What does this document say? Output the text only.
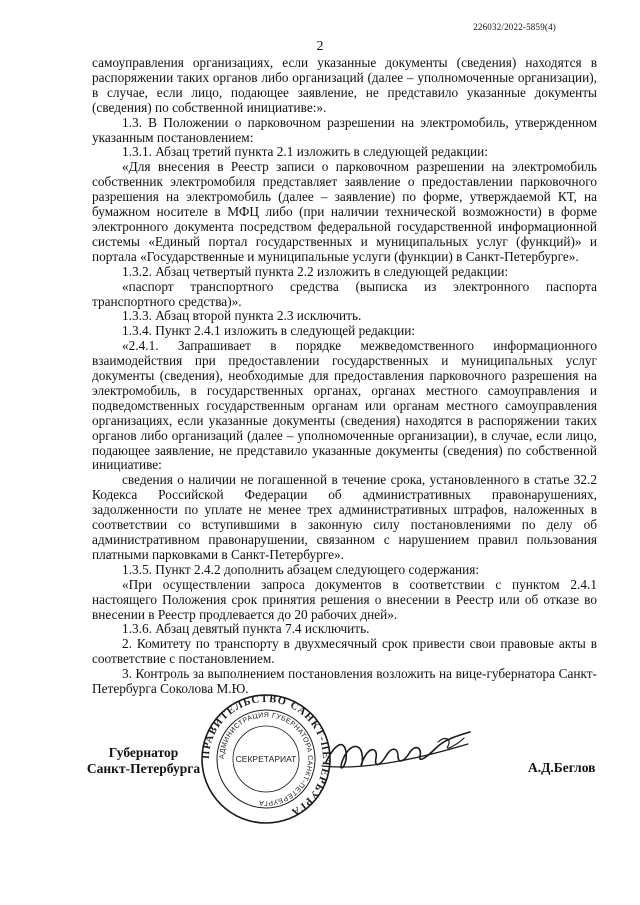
226032/2022-5859(4)
2

самоуправления организациях, если указанные документы (сведения) находятся в распоряжении таких органов либо организаций (далее – уполномоченные организации), в случае, если лицо, подающее заявление, не представило указанные документы (сведения) по собственной инициативе:».

1.3. В Положении о парковочном разрешении на электромобиль, утвержденном указанным постановлением:

1.3.1. Абзац третий пункта 2.1 изложить в следующей редакции:

«Для внесения в Реестр записи о парковочном разрешении на электромобиль собственник электромобиля представляет заявление о предоставлении парковочного разрешения на электромобиль (далее – заявление) по форме, утверждаемой КТ, на бумажном носителе в МФЦ либо (при наличии технической возможности) в форме электронного документа посредством федеральной государственной информационной системы «Единый портал государственных и муниципальных услуг (функций)» и портала «Государственные и муниципальные услуги (функции) в Санкт-Петербурге».

1.3.2. Абзац четвертый пункта 2.2 изложить в следующей редакции:

«паспорт транспортного средства (выписка из электронного паспорта транспортного средства)».

1.3.3. Абзац второй пункта 2.3 исключить.

1.3.4. Пункт 2.4.1 изложить в следующей редакции:

«2.4.1. Запрашивает в порядке межведомственного информационного взаимодействия при предоставлении государственных и муниципальных услуг документы (сведения), необходимые для предоставления парковочного разрешения на электромобиль, в государственных органах, органах местного самоуправления и подведомственных государственным органам или органам местного самоуправления организациях, если указанные документы (сведения) находятся в распоряжении таких органов либо организаций (далее – уполномоченные организации), в случае, если лицо, подающее заявление, не представило указанные документы (сведения) по собственной инициативе:

сведения о наличии не погашенной в течение срока, установленного в статье 32.2 Кодекса Российской Федерации об административных правонарушениях, задолженности по уплате не менее трех административных штрафов, наложенных в соответствии со вступившими в законную силу постановлениями по делу об административном правонарушении, связанном с нарушением правил пользования платными парковками в Санкт-Петербурге».

1.3.5. Пункт 2.4.2 дополнить абзацем следующего содержания:

«При осуществлении запроса документов в соответствии с пунктом 2.4.1 настоящего Положения срок принятия решения о внесении в Реестр или об отказе во внесении в Реестр продлевается до 20 рабочих дней».

1.3.6. Абзац девятый пункта 7.4 исключить.

2. Комитету по транспорту в двухмесячный срок привести свои правовые акты в соответствие с постановлением.

3. Контроль за выполнением постановления возложить на вице-губернатора Санкт-Петербурга Соколова М.Ю.

Губернатор
Санкт-Петербурга
ПРАВИТЕЛЬСТВО САНКТ-ПЕТЕРБУРГА
АДМИНИСТРАЦИЯ ГУБЕРНАТОРА САНКТ-ПЕТЕРБУРГА
СЕКРЕТАРИАТ
А.Д.Беглов
